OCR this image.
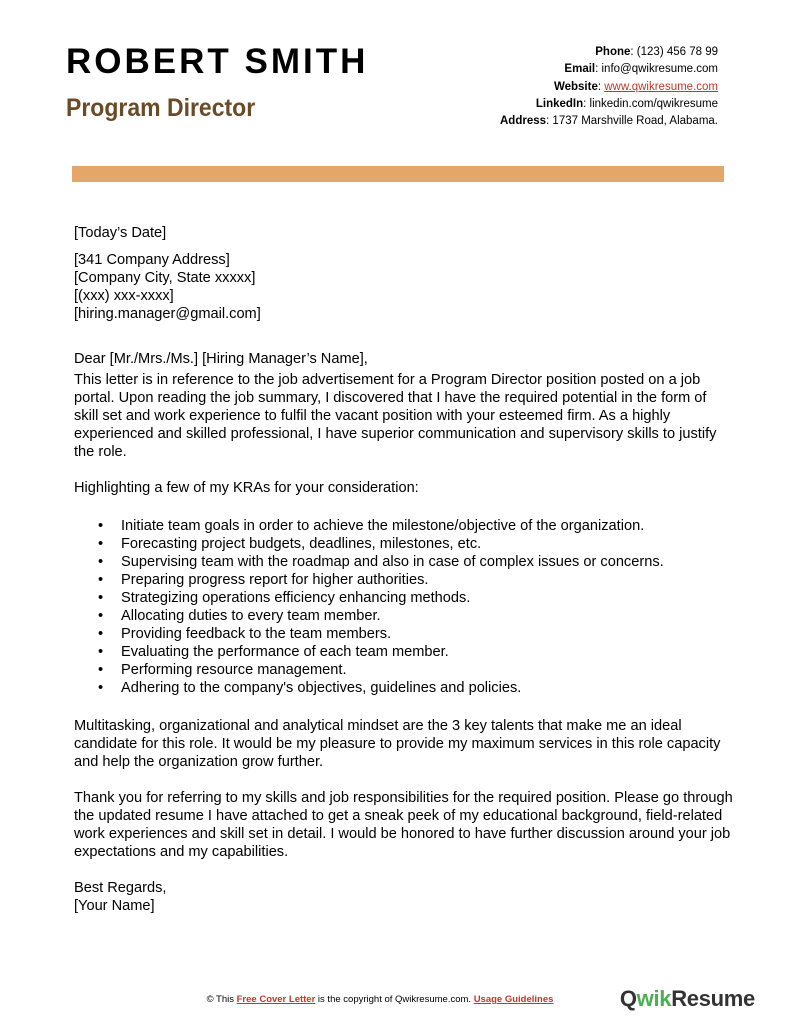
ROBERT SMITH
Program Director
Phone: (123) 456 78 99
Email: info@qwikresume.com
Website: www.qwikresume.com
LinkedIn: linkedin.com/qwikresume
Address: 1737 Marshville Road, Alabama.

[Today’s Date]

[341 Company Address]

[Company City, State xxxxx]

[(xxx) xxx-xxxx]

[hiring.manager@gmail.com]

Dear [Mr./Mrs./Ms.] [Hiring Manager’s Name],

This letter is in reference to the job advertisement for a Program Director position posted on a job portal. Upon reading the job summary, I discovered that I have the required potential in the form of skill set and work experience to fulfil the vacant position with your esteemed firm. As a highly experienced and skilled professional, I have superior communication and supervisory skills to justify the role.

Highlighting a few of my KRAs for your consideration:

• Initiate team goals in order to achieve the milestone/objective of the organization.
• Forecasting project budgets, deadlines, milestones, etc.
• Supervising team with the roadmap and also in case of complex issues or concerns.
• Preparing progress report for higher authorities.
• Strategizing operations efficiency enhancing methods.
• Allocating duties to every team member.
• Providing feedback to the team members.
• Evaluating the performance of each team member.
• Performing resource management.
• Adhering to the company's objectives, guidelines and policies.

Multitasking, organizational and analytical mindset are the 3 key talents that make me an ideal candidate for this role. It would be my pleasure to provide my maximum services in this role capacity and help the organization grow further.

Thank you for referring to my skills and job responsibilities for the required position. Please go through the updated resume I have attached to get a sneak peek of my educational background, field-related work experiences and skill set in detail. I would be honored to have further discussion around your job expectations and my capabilities.

Best Regards,

[Your Name]

© This Free Cover Letter is the copyright of Qwikresume.com. Usage Guidelines	QwikResume
